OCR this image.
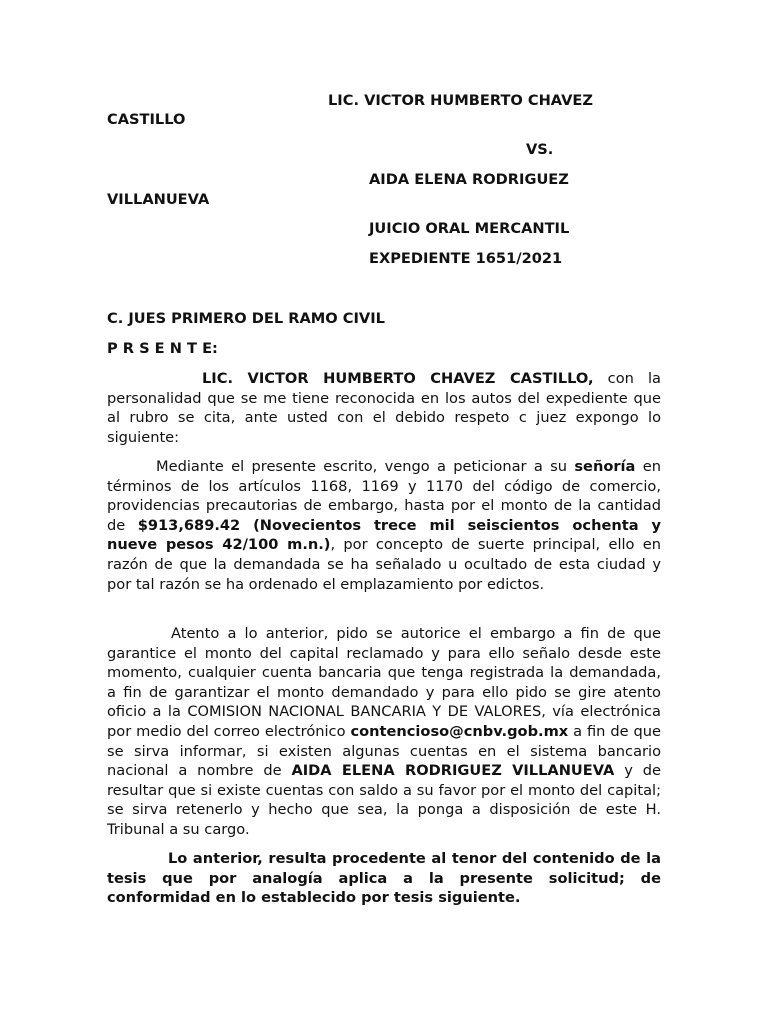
LIC. VICTOR HUMBERTO CHAVEZ
CASTILLO
VS.
AIDA ELENA RODRIGUEZ
VILLANUEVA
JUICIO ORAL MERCANTIL
EXPEDIENTE 1651/2021
C. JUES PRIMERO DEL RAMO CIVIL
P R S E N T E:

LIC. VICTOR HUMBERTO CHAVEZ CASTILLO, con la personalidad que se me tiene reconocida en los autos del expediente que al rubro se cita, ante usted con el debido respeto c juez expongo lo siguiente:

Mediante el presente escrito, vengo a peticionar a su señoría en términos de los artículos 1168, 1169 y 1170 del código de comercio, providencias precautorias de embargo, hasta por el monto de la cantidad de $913,689.42 (Novecientos trece mil seiscientos ochenta y nueve pesos 42/100 m.n.), por concepto de suerte principal, ello en razón de que la demandada se ha señalado u ocultado de esta ciudad y por tal razón se ha ordenado el emplazamiento por edictos.

Atento a lo anterior, pido se autorice el embargo a fin de que garantice el monto del capital reclamado y para ello señalo desde este momento, cualquier cuenta bancaria que tenga registrada la demandada, a fin de garantizar el monto demandado y para ello pido se gire atento oficio a la COMISION NACIONAL BANCARIA Y DE VALORES, vía electrónica por medio del correo electrónico contencioso@cnbv.gob.mx a fin de que se sirva informar, si existen algunas cuentas en el sistema bancario nacional a nombre de AIDA ELENA RODRIGUEZ VILLANUEVA y de resultar que si existe cuentas con saldo a su favor por el monto del capital; se sirva retenerlo y hecho que sea, la ponga a disposición de este H. Tribunal a su cargo.

Lo anterior, resulta procedente al tenor del contenido de la tesis que por analogía aplica a la presente solicitud; de conformidad en lo establecido por tesis siguiente.
